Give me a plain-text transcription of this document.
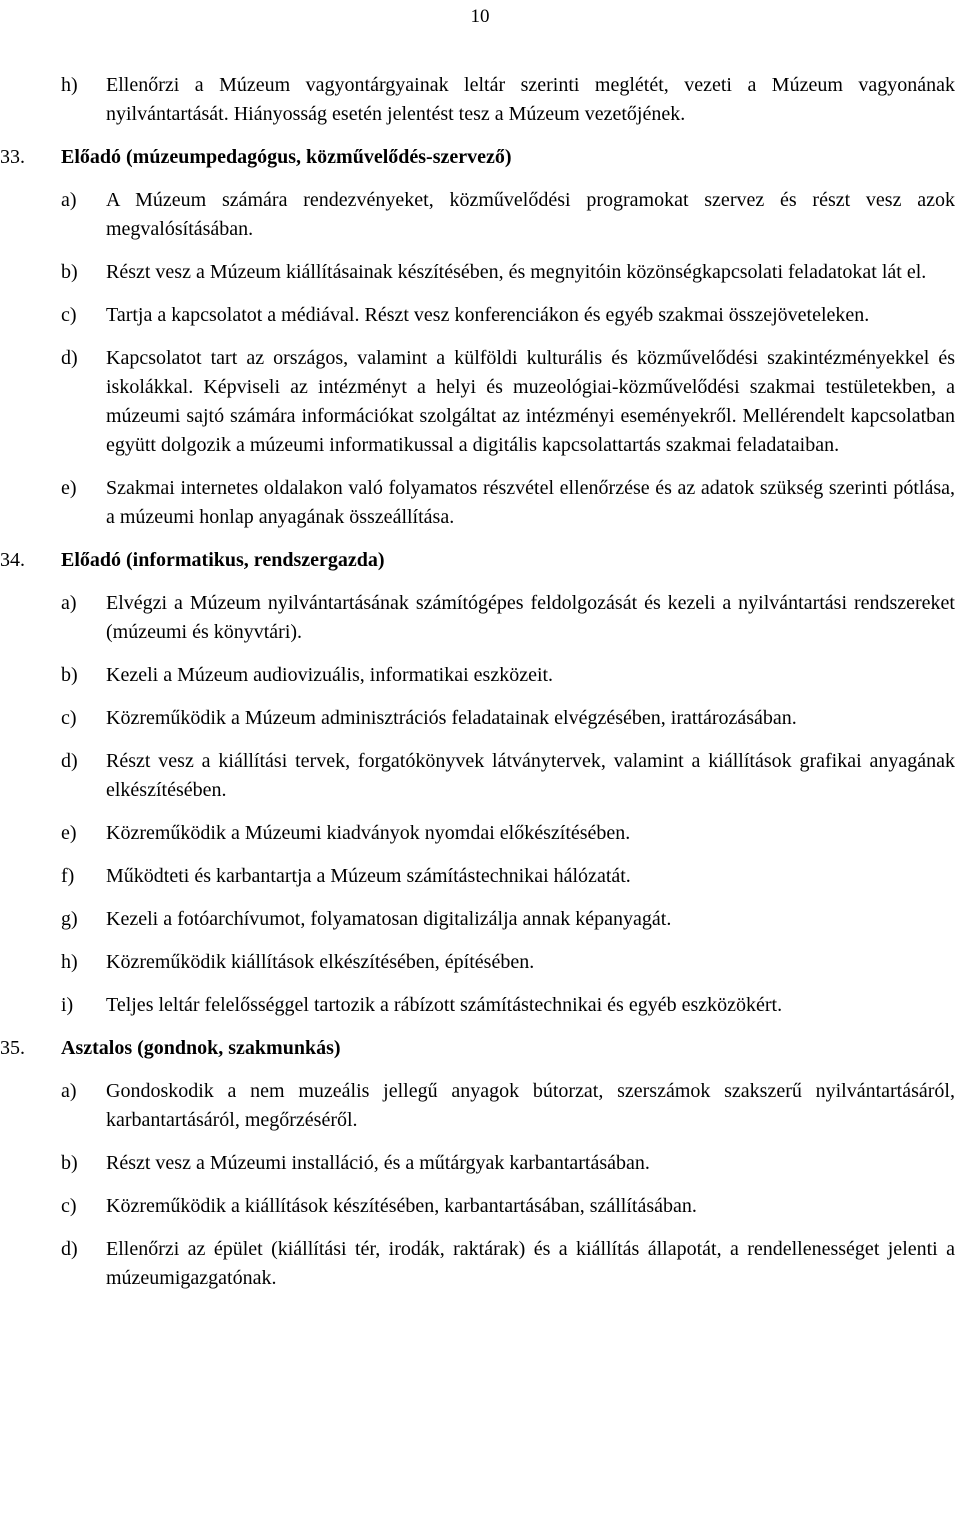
10
h)	Ellenőrzi a Múzeum vagyontárgyainak leltár szerinti meglétét, vezeti a Múzeum vagyonának nyilvántartását. Hiányosság esetén jelentést tesz a Múzeum vezetőjének.
33.	Előadó (múzeumpedagógus, közművelődés-szervező)
a)	A Múzeum számára rendezvényeket, közművelődési programokat szervez és részt vesz azok megvalósításában.
b)	Részt vesz a Múzeum kiállításainak készítésében, és megnyitóin közönségkapcsolati feladatokat lát el.
c)	Tartja a kapcsolatot a médiával. Részt vesz konferenciákon és egyéb szakmai összejöveteleken.
d)	Kapcsolatot tart az országos, valamint a külföldi kulturális és közművelődési szakintézményekkel és iskolákkal. Képviseli az intézményt a helyi és muzeológiai-közművelődési szakmai testületekben, a múzeumi sajtó számára információkat szolgáltat az intézményi eseményekről. Mellérendelt kapcsolatban együtt dolgozik a múzeumi informatikussal a digitális kapcsolattartás szakmai feladataiban.
e)	Szakmai internetes oldalakon való folyamatos részvétel ellenőrzése és az adatok szükség szerinti pótlása, a múzeumi honlap anyagának összeállítása.
34.	Előadó (informatikus, rendszergazda)
a)	Elvégzi a Múzeum nyilvántartásának számítógépes feldolgozását és kezeli a nyilvántartási rendszereket (múzeumi és könyvtári).
b)	Kezeli a Múzeum audiovizuális, informatikai eszközeit.
c)	Közreműködik a Múzeum adminisztrációs feladatainak elvégzésében, irattározásában.
d)	Részt vesz a kiállítási tervek, forgatókönyvek látványtervek, valamint a kiállítások grafikai anyagának elkészítésében.
e)	Közreműködik a Múzeumi kiadványok nyomdai előkészítésében.
f)	Működteti és karbantartja a Múzeum számítástechnikai hálózatát.
g)	Kezeli a fotóarchívumot, folyamatosan digitalizálja annak képanyagát.
h)	Közreműködik kiállítások elkészítésében, építésében.
i)	Teljes leltár felelősséggel tartozik a rábízott számítástechnikai és egyéb eszközökért.
35.	Asztalos (gondnok, szakmunkás)
a)	Gondoskodik a nem muzeális jellegű anyagok bútorzat, szerszámok szakszerű nyilvántartásáról, karbantartásáról, megőrzéséről.
b)	Részt vesz a Múzeumi installáció, és a műtárgyak karbantartásában.
c)	Közreműködik a kiállítások készítésében, karbantartásában, szállításában.
d)	Ellenőrzi az épület (kiállítási tér, irodák, raktárak) és a kiállítás állapotát, a rendellenességet jelenti a múzeumigazgatónak.
